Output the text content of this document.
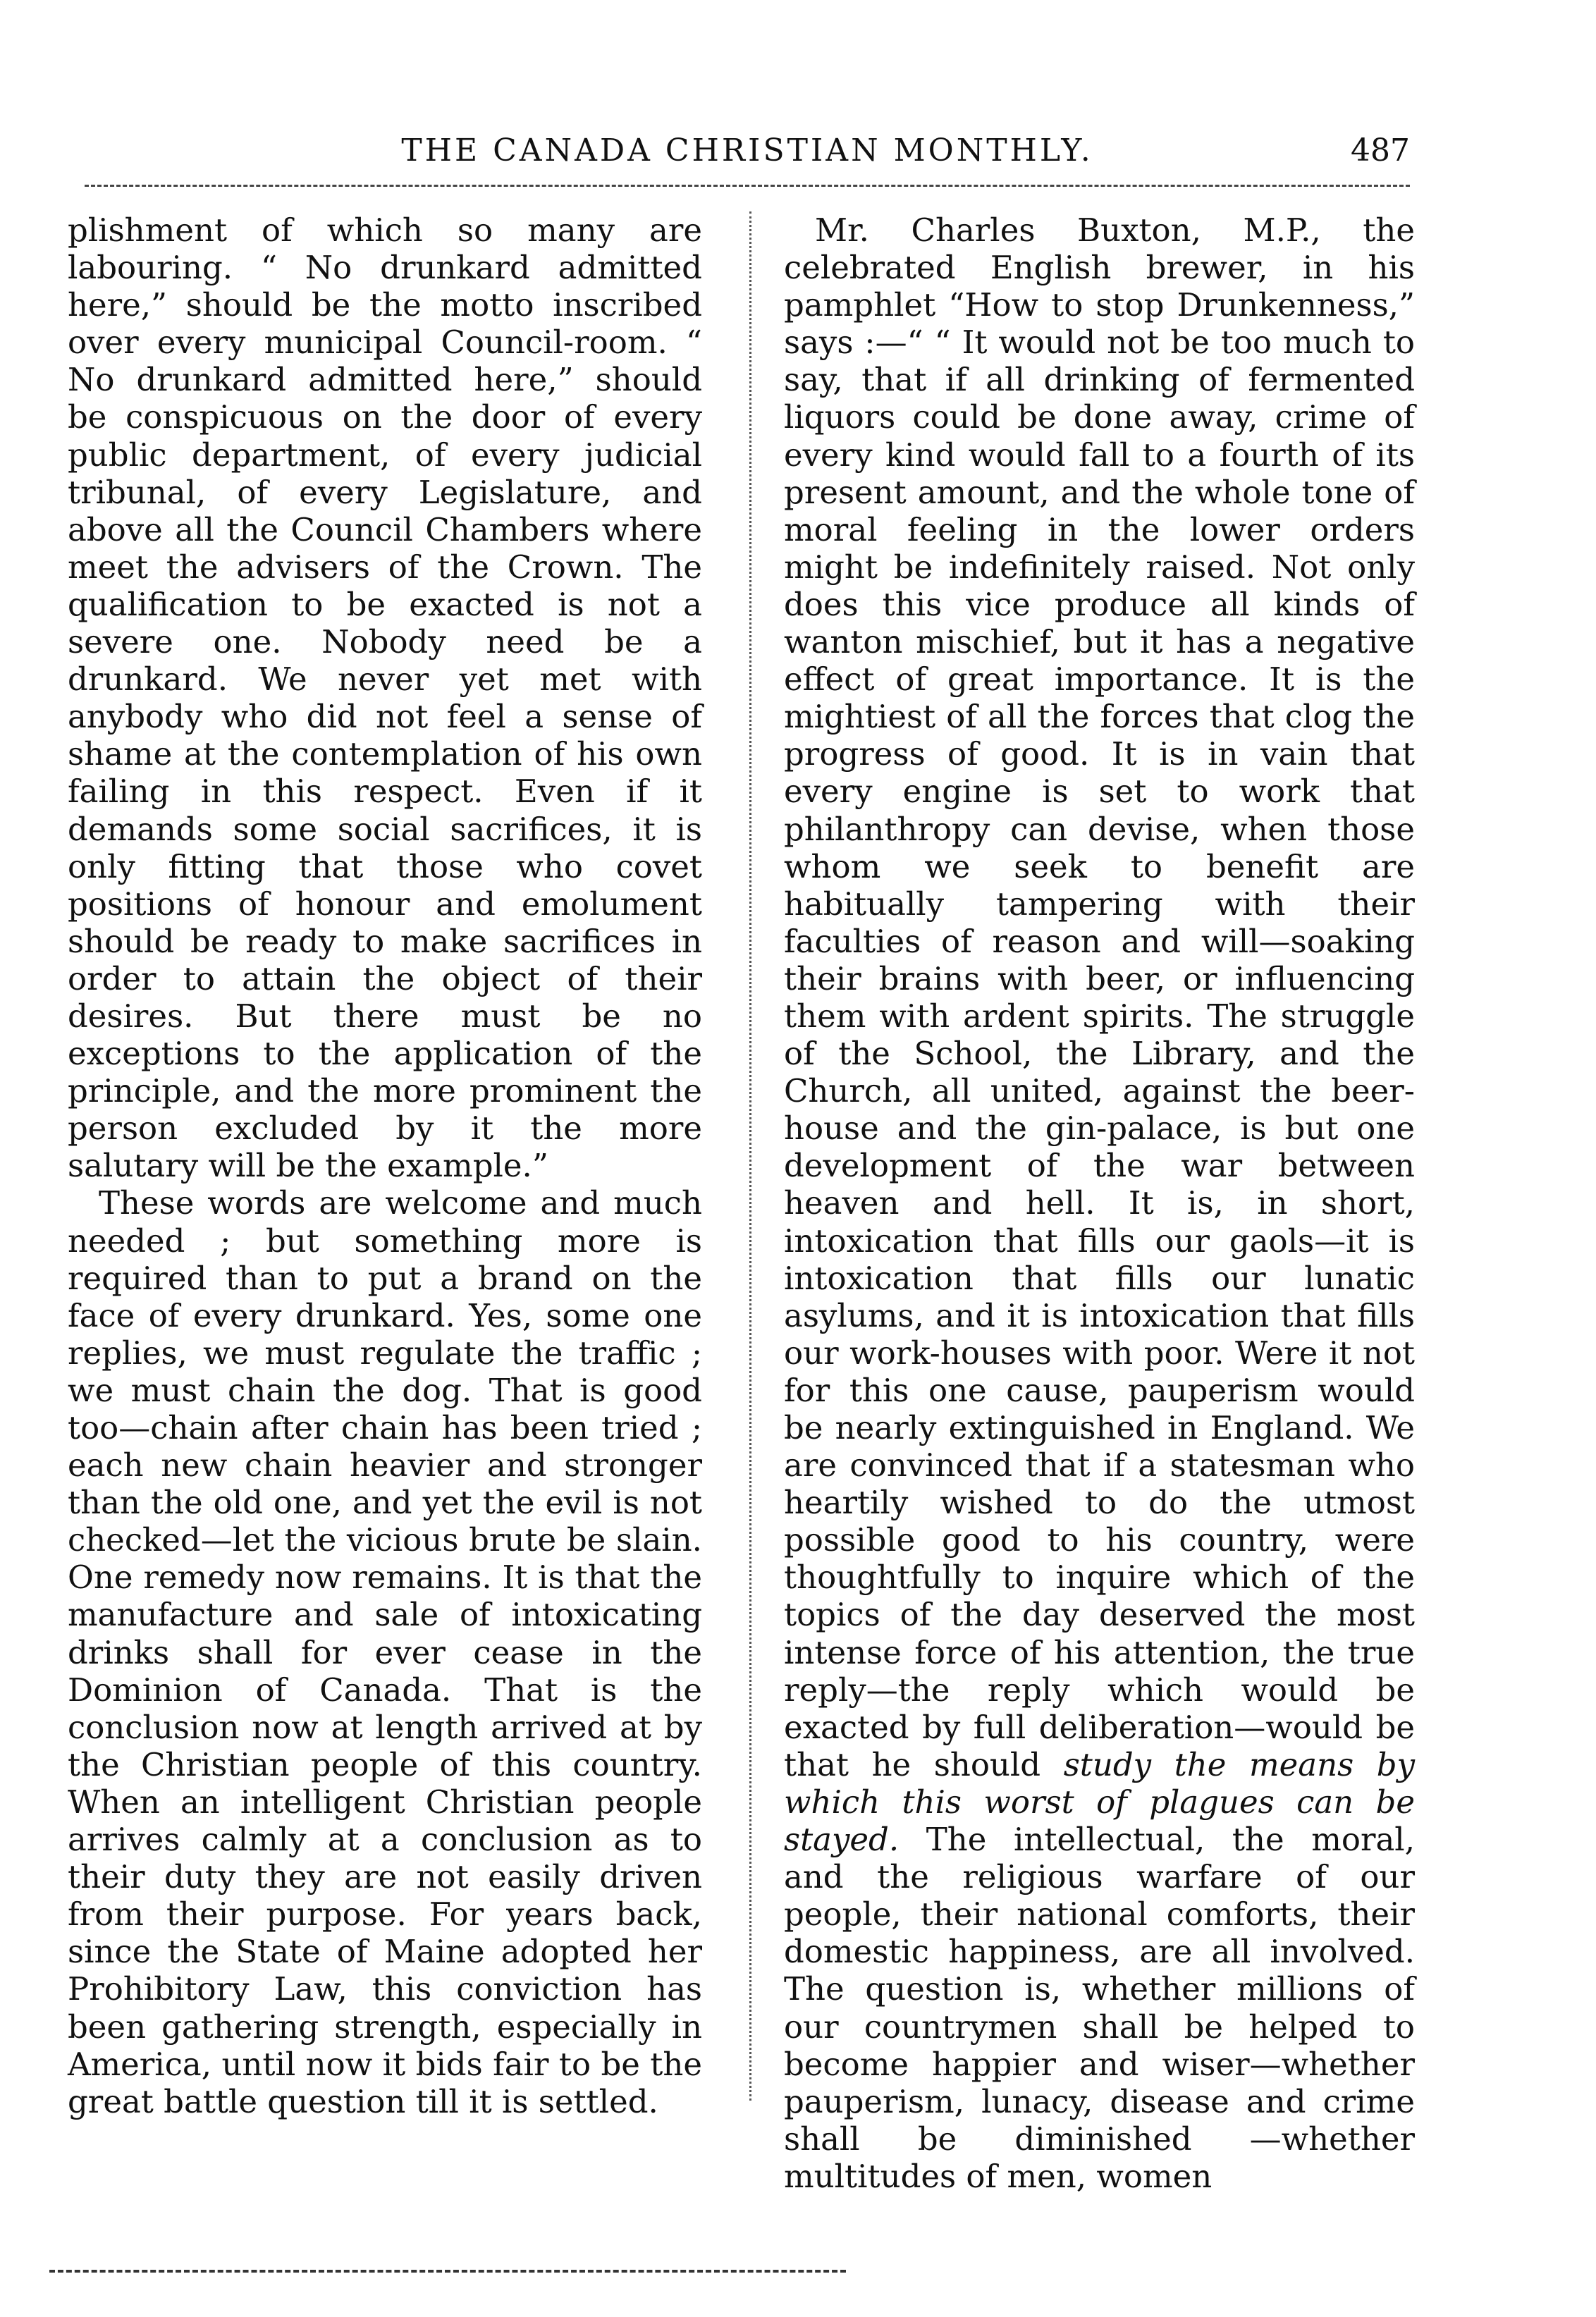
THE CANADA CHRISTIAN MONTHLY.	487

plishment of which so many are labouring. “ No drunkard admitted here,” should be the motto inscribed over every municipal Council-room. “ No drunkard admitted here,” should be conspicuous on the door of every public department, of every judicial tribunal, of every Legislature, and above all the Council Chambers where meet the advisers of the Crown. The qualification to be exacted is not a severe one. Nobody need be a drunkard. We never yet met with anybody who did not feel a sense of shame at the contemplation of his own failing in this respect. Even if it demands some social sacrifices, it is only fitting that those who covet positions of honour and emolument should be ready to make sacrifices in order to attain the object of their desires. But there must be no exceptions to the application of the principle, and the more prominent the person excluded by it the more salutary will be the example.”

These words are welcome and much needed ; but something more is required than to put a brand on the face of every drunkard. Yes, some one replies, we must regulate the traffic ; we must chain the dog. That is good too—chain after chain has been tried ; each new chain heavier and stronger than the old one, and yet the evil is not checked—let the vicious brute be slain. One remedy now remains. It is that the manufacture and sale of intoxicating drinks shall for ever cease in the Dominion of Canada. That is the conclusion now at length arrived at by the Christian people of this country. When an intelligent Christian people arrives calmly at a conclusion as to their duty they are not easily driven from their purpose. For years back, since the State of Maine adopted her Prohibitory Law, this conviction has been gathering strength, especially in America, until now it bids fair to be the great battle question till it is settled.

Mr. Charles Buxton, M.P., the celebrated English brewer, in his pamphlet “How to stop Drunkenness,” says :—“ “ It would not be too much to say, that if all drinking of fermented liquors could be done away, crime of every kind would fall to a fourth of its present amount, and the whole tone of moral feeling in the lower orders might be indefinitely raised. Not only does this vice produce all kinds of wanton mischief, but it has a negative effect of great importance. It is the mightiest of all the forces that clog the progress of good. It is in vain that every engine is set to work that philanthropy can devise, when those whom we seek to benefit are habitually tampering with their faculties of reason and will—soaking their brains with beer, or influencing them with ardent spirits. The struggle of the School, the Library, and the Church, all united, against the beer-house and the gin-palace, is but one development of the war between heaven and hell. It is, in short, intoxication that fills our gaols—it is intoxication that fills our lunatic asylums, and it is intoxication that fills our work-houses with poor. Were it not for this one cause, pauperism would be nearly extinguished in England. We are convinced that if a statesman who heartily wished to do the utmost possible good to his country, were thoughtfully to inquire which of the topics of the day deserved the most intense force of his attention, the true reply—the reply which would be exacted by full deliberation—would be that he should study the means by which this worst of plagues can be stayed. The intellectual, the moral, and the religious warfare of our people, their national comforts, their domestic happiness, are all involved. The question is, whether millions of our countrymen shall be helped to become happier and wiser—whether pauperism, lunacy, disease and crime shall be diminished —whether multitudes of men, women
